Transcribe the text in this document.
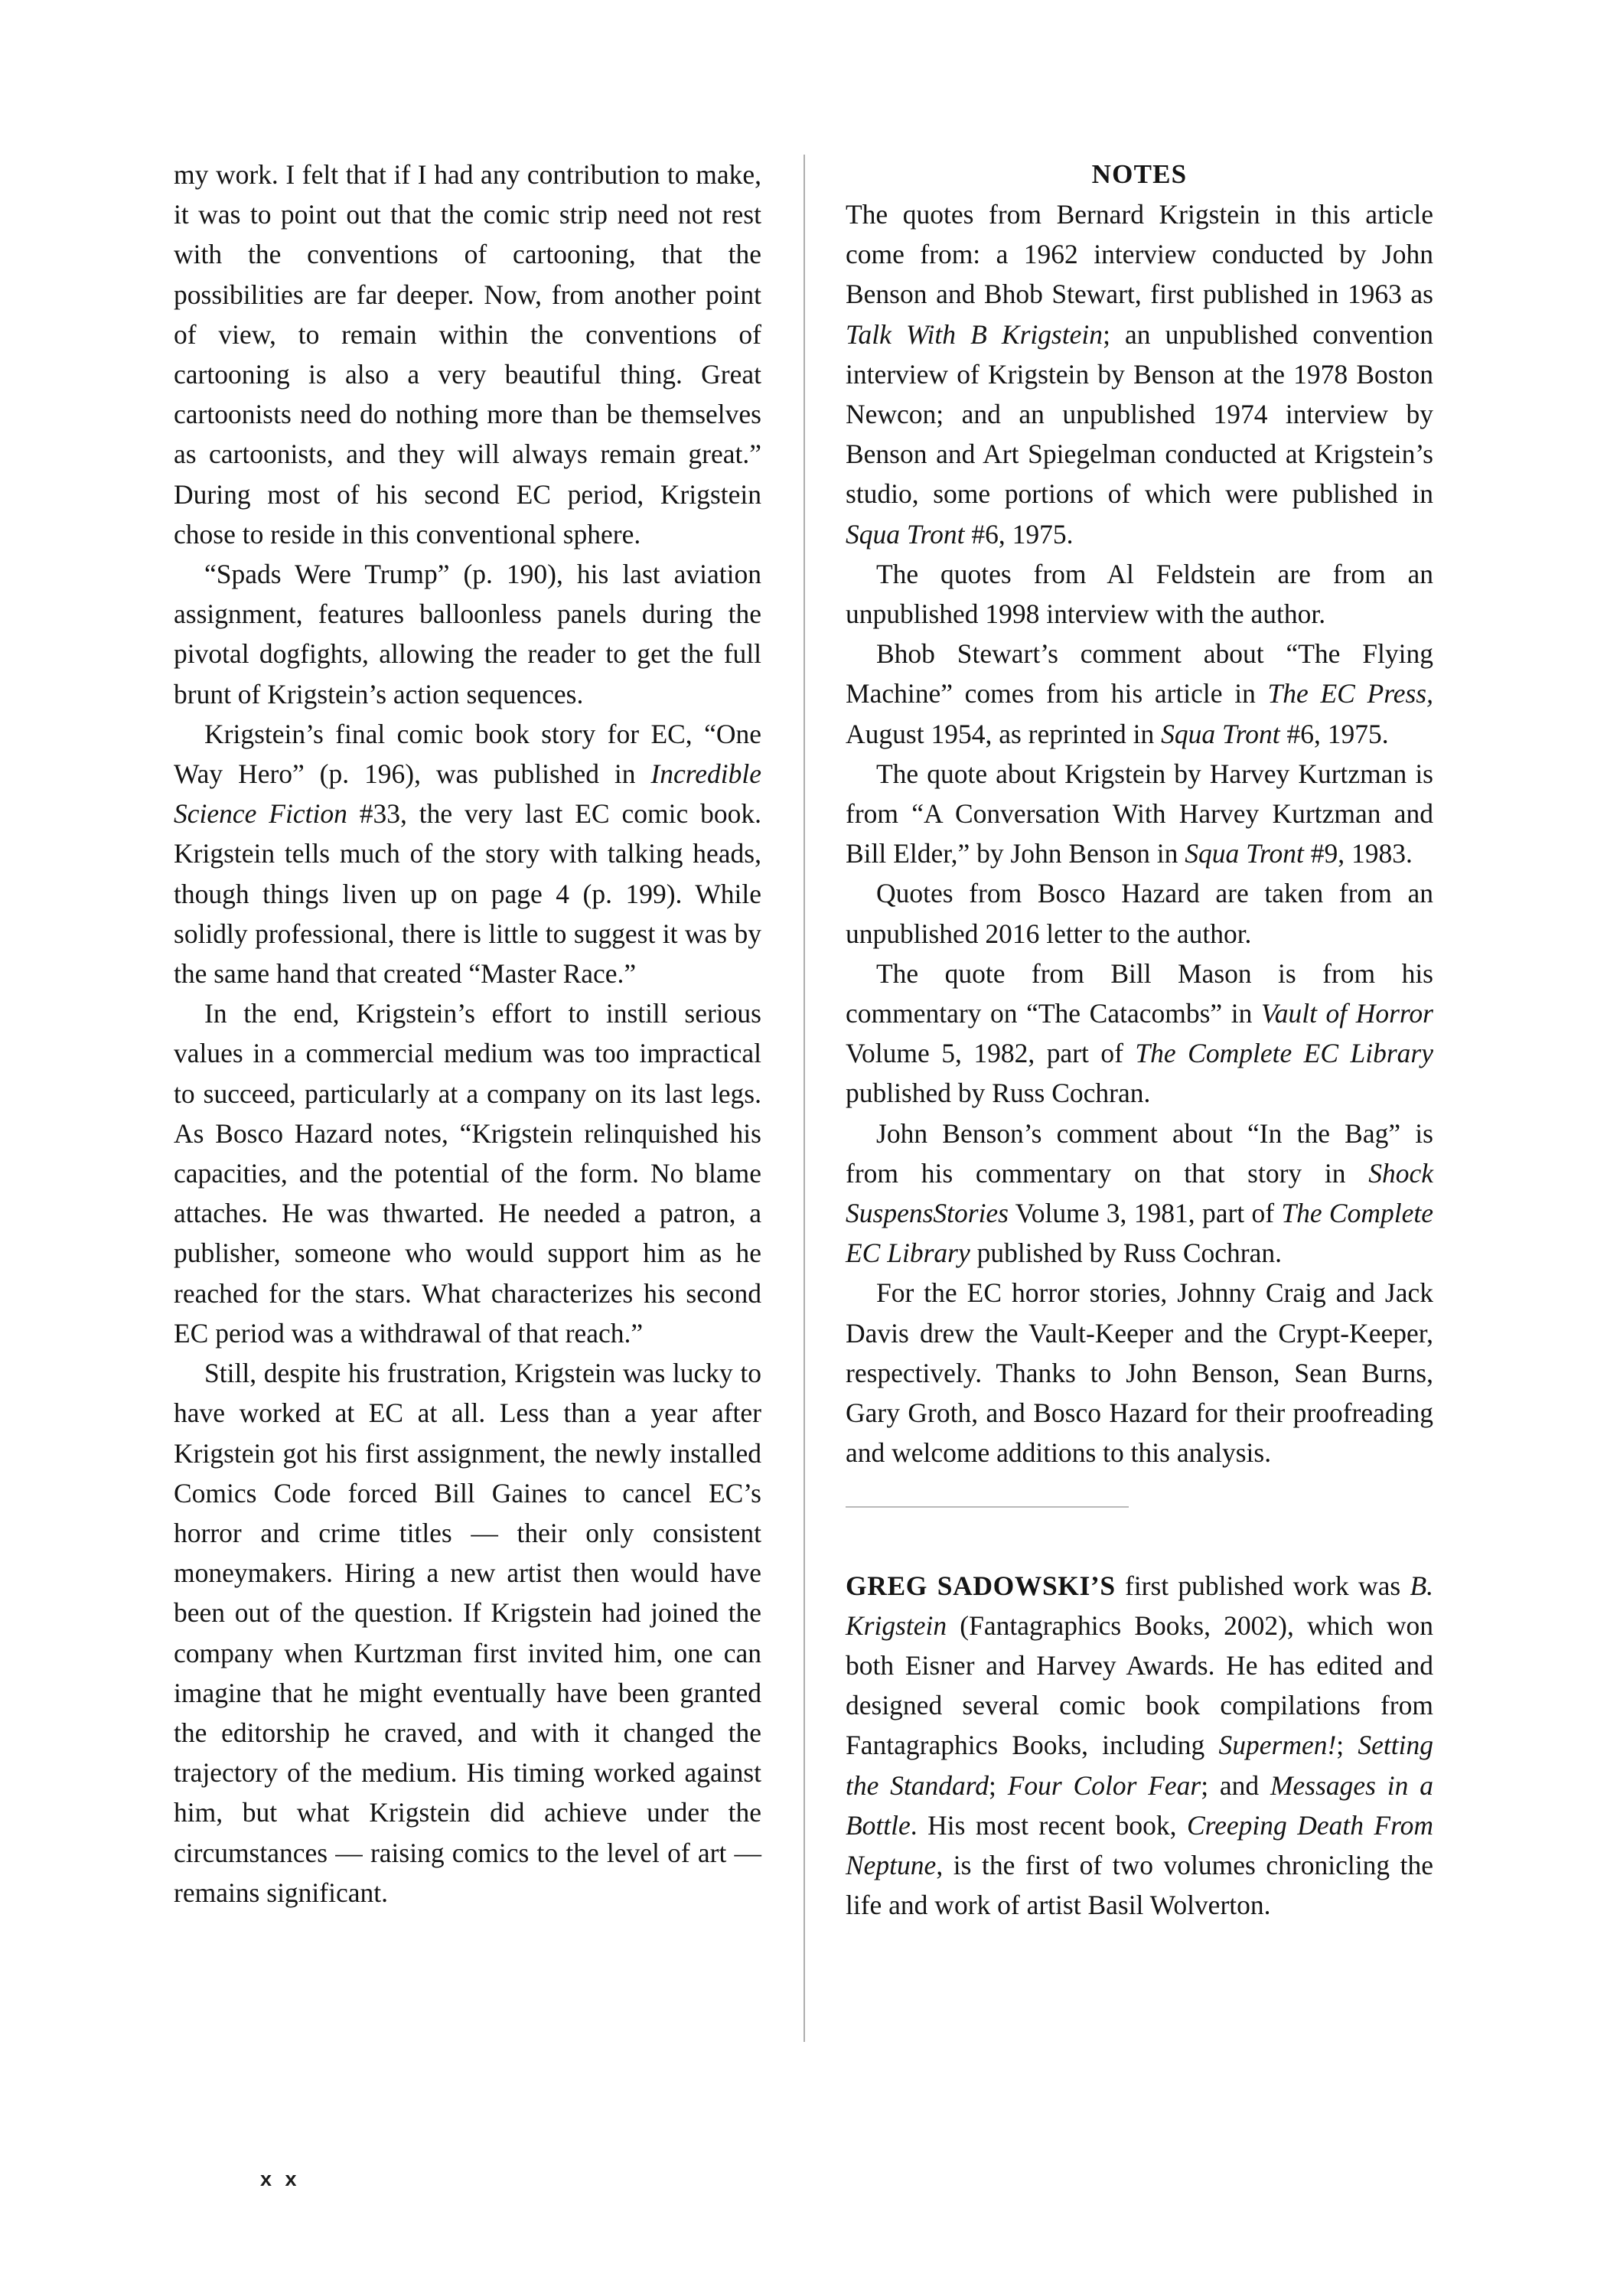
my work. I felt that if I had any contribution to make, it was to point out that the comic strip need not rest with the conventions of cartooning, that the possibilities are far deeper. Now, from another point of view, to remain within the conventions of cartooning is also a very beautiful thing. Great cartoonists need do nothing more than be themselves as cartoonists, and they will always remain great.” During most of his second EC period, Krigstein chose to reside in this conventional sphere.

“Spads Were Trump” (p. 190), his last aviation assignment, features balloonless panels during the pivotal dogfights, allowing the reader to get the full brunt of Krigstein’s action sequences.

Krigstein’s final comic book story for EC, “One Way Hero” (p. 196), was published in Incredible Science Fiction #33, the very last EC comic book. Krigstein tells much of the story with talking heads, though things liven up on page 4 (p. 199). While solidly professional, there is little to suggest it was by the same hand that created “Master Race.”

In the end, Krigstein’s effort to instill serious values in a commercial medium was too impractical to succeed, particularly at a company on its last legs. As Bosco Hazard notes, “Krigstein relinquished his capacities, and the potential of the form. No blame attaches. He was thwarted. He needed a patron, a publisher, someone who would support him as he reached for the stars. What characterizes his second EC period was a withdrawal of that reach.”

Still, despite his frustration, Krigstein was lucky to have worked at EC at all. Less than a year after Krigstein got his first assignment, the newly installed Comics Code forced Bill Gaines to cancel EC’s horror and crime titles — their only consistent moneymakers. Hiring a new artist then would have been out of the question. If Krigstein had joined the company when Kurtzman first invited him, one can imagine that he might eventually have been granted the editorship he craved, and with it changed the trajectory of the medium. His timing worked against him, but what Krigstein did achieve under the circumstances — raising comics to the level of art — remains significant.

NOTES

The quotes from Bernard Krigstein in this article come from: a 1962 interview conducted by John Benson and Bhob Stewart, first published in 1963 as Talk With B Krigstein; an unpublished convention interview of Krigstein by Benson at the 1978 Boston Newcon; and an unpublished 1974 interview by Benson and Art Spiegelman conducted at Krigstein’s studio, some portions of which were published in Squa Tront #6, 1975.

The quotes from Al Feldstein are from an unpublished 1998 interview with the author.

Bhob Stewart’s comment about “The Flying Machine” comes from his article in The EC Press, August 1954, as reprinted in Squa Tront #6, 1975.

The quote about Krigstein by Harvey Kurtzman is from “A Conversation With Harvey Kurtzman and Bill Elder,” by John Benson in Squa Tront #9, 1983.

Quotes from Bosco Hazard are taken from an unpublished 2016 letter to the author.

The quote from Bill Mason is from his commentary on “The Catacombs” in Vault of Horror Volume 5, 1982, part of The Complete EC Library published by Russ Cochran.

John Benson’s comment about “In the Bag” is from his commentary on that story in Shock SuspensStories Volume 3, 1981, part of The Complete EC Library published by Russ Cochran.

For the EC horror stories, Johnny Craig and Jack Davis drew the Vault-Keeper and the Crypt-Keeper, respectively. Thanks to John Benson, Sean Burns, Gary Groth, and Bosco Hazard for their proofreading and welcome additions to this analysis.

GREG SADOWSKI’S first published work was B. Krigstein (Fantagraphics Books, 2002), which won both Eisner and Harvey Awards. He has edited and designed several comic book compilations from Fantagraphics Books, including Supermen!; Setting the Standard; Four Color Fear; and Messages in a Bottle. His most recent book, Creeping Death From Neptune, is the first of two volumes chronicling the life and work of artist Basil Wolverton.

x x
